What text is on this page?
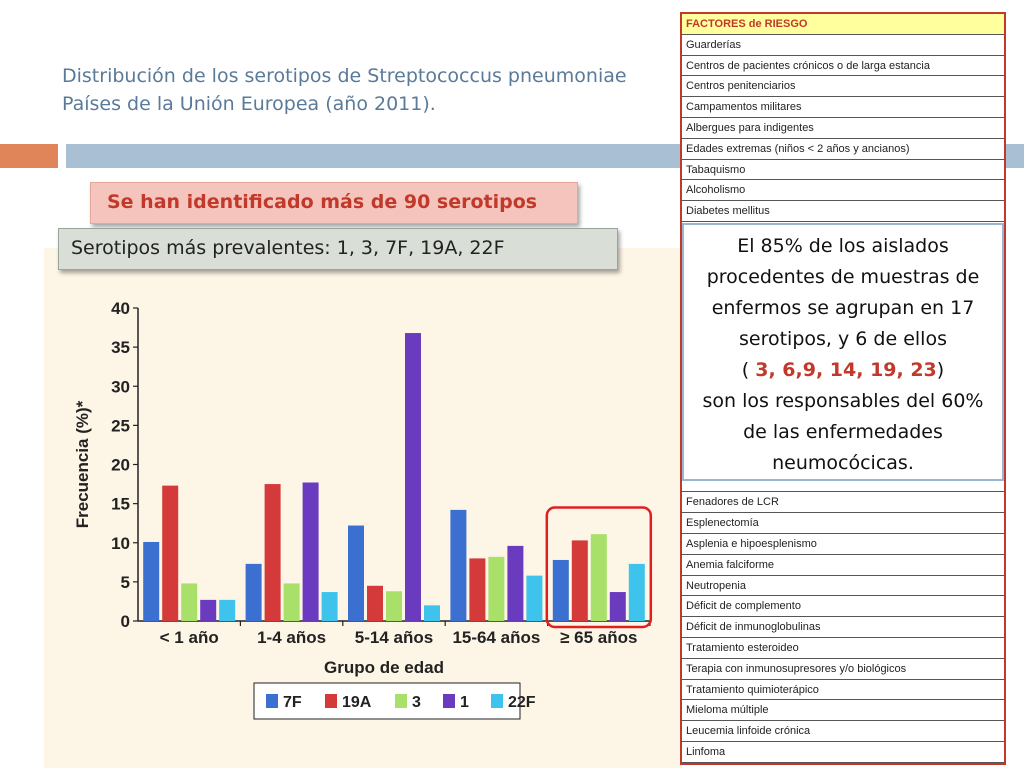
Distribución de los serotipos de Streptococcus pneumoniae
Países de la Unión Europea (año 2011).
Se han identificado más de 90 serotipos
Serotipos más prevalentes: 1, 3, 7F, 19A, 22F
0
5
10
15
20
25
30
35
40
Frecuencia (%)*
< 1 año 1-4 años 5-14 años 15-64 años ≥ 65 años
Grupo de edad
7F	19A	3 1 22F
FACTORES de RIESGO
Guarderías
Centros de pacientes crónicos o de larga estancia
Centros penitenciarios
Campamentos militares
Albergues para indigentes
Edades extremas (niños < 2 años y ancianos)
Tabaquismo
Alcoholismo
Diabetes mellitus
Fenadores de LCR
Esplenectomía
Asplenia e hipoesplenismo
Anemia falciforme
Neutropenia
Déficit de complemento
Déficit de inmunoglobulinas
Tratamiento esteroideo
Terapia con inmunosupresores y/o biológicos
Tratamiento quimioterápico
Mieloma múltiple
Leucemia linfoide crónica
Linfoma
El 85% de los aislados
procedentes de muestras de
enfermos se agrupan en 17
serotipos, y 6 de ellos
( 3, 6,9, 14, 19, 23)
son los responsables del 60%
de las enfermedades
neumocócicas.
